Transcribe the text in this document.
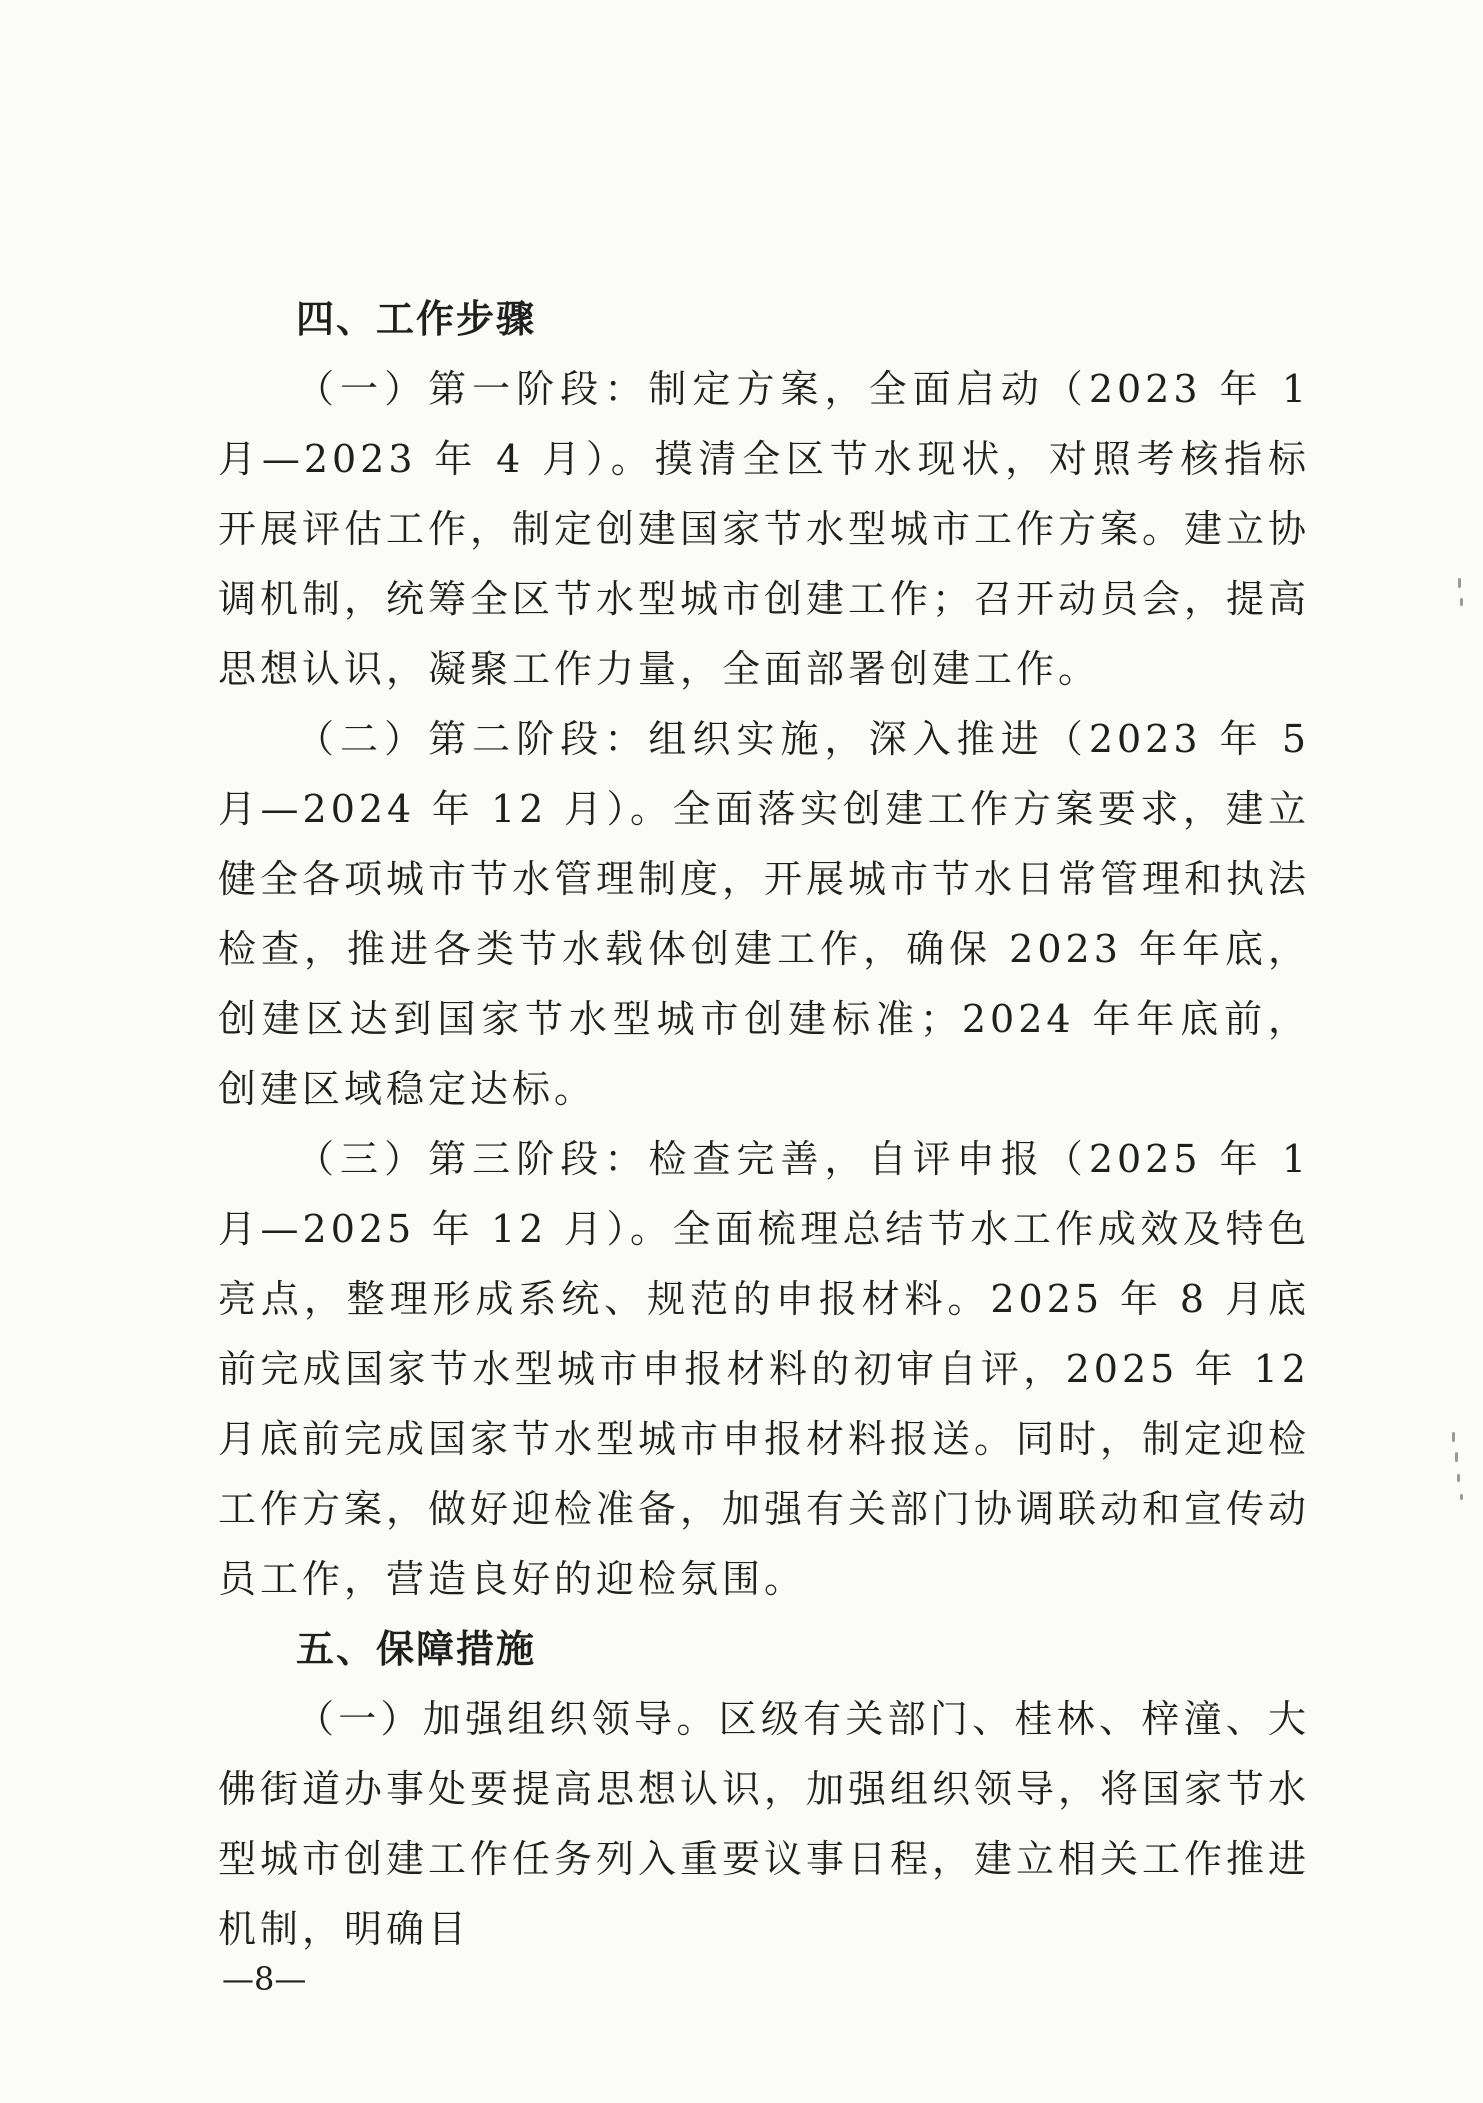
四、工作步骤

（一）第一阶段：制定方案，全面启动（2023 年 1 月—2023 年 4 月）。摸清全区节水现状，对照考核指标开展评估工作，制定创建国家节水型城市工作方案。建立协调机制，统筹全区节水型城市创建工作；召开动员会，提高思想认识，凝聚工作力量，全面部署创建工作。

（二）第二阶段：组织实施，深入推进（2023 年 5 月—2024 年 12 月）。全面落实创建工作方案要求，建立健全各项城市节水管理制度，开展城市节水日常管理和执法检查，推进各类节水载体创建工作，确保 2023 年年底，创建区达到国家节水型城市创建标准；2024 年年底前，创建区域稳定达标。

（三）第三阶段：检查完善，自评申报（2025 年 1 月—2025 年 12 月）。全面梳理总结节水工作成效及特色亮点，整理形成系统、规范的申报材料。2025 年 8 月底前完成国家节水型城市申报材料的初审自评，2025 年 12 月底前完成国家节水型城市申报材料报送。同时，制定迎检工作方案，做好迎检准备，加强有关部门协调联动和宣传动员工作，营造良好的迎检氛围。

五、保障措施

（一）加强组织领导。区级有关部门、桂林、梓潼、大佛街道办事处要提高思想认识，加强组织领导，将国家节水型城市创建工作任务列入重要议事日程，建立相关工作推进机制，明确目

—8—
